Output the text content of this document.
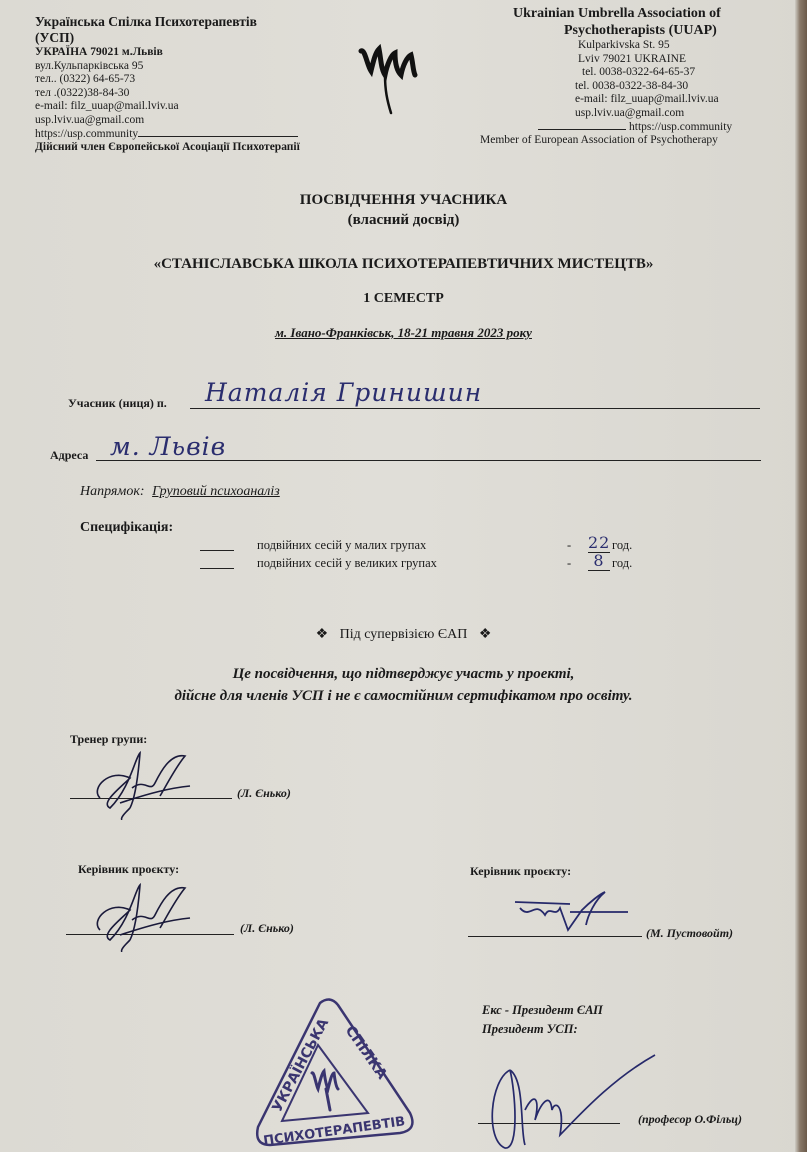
Українська Спілка Психотерапевтів
(УСП)
УКРАЇНА 79021 м.Львів
вул.Кульпарківська 95
тел.. (0322) 64-65-73
тел .(0322)38-84-30
e-mail: filz_uuap@mail.lviv.ua
usp.lviv.ua@gmail.com
https://usp.community
Дійсний член Європейської Асоціації Психотерапії
Ukrainian Umbrella Association of
Psychotherapists (UUAP)
Kulparkivska St. 95
Lviv 79021 UKRAINE
tel. 0038-0322-64-65-37
tel. 0038-0322-38-84-30
e-mail: filz_uuap@mail.lviv.ua
usp.lviv.ua@gmail.com
https://usp.community
Member of European Association of Psychotherapy
ПОСВІДЧЕННЯ УЧАСНИКА
(власний досвід)
«СТАНІСЛАВСЬКА ШКОЛА ПСИХОТЕРАПЕВТИЧНИХ МИСТЕЦТВ»
1 СЕМЕСТР
м. Івано-Франківськ, 18-21 травня 2023 року
Учасник (ниця) п. Наталія Гринишин
Адреса м. Львів
Напрямок: Груповий психоаналіз
Специфікація:
подвійних сесій у малих групах	- 22 год.
подвійних сесій у великих групах	-	8 год.
❖ Під супервізією ЄАП ❖
Це посвідчення, що підтверджує участь у проекті,
дійсне для членів УСП і не є самостійним сертифікатом про освіту.
Тренер групи:
(Л. Єнько)
Керівник проєкту:
(Л. Єнько)
Керівник проєкту:
(М. Пустовойт)
УКРАЇНСЬКА СПІЛКА
ПСИХОТЕРАПЕВТІВ
Екс - Президент ЄАП
Президент УСП:
(професор О.Фільц)
